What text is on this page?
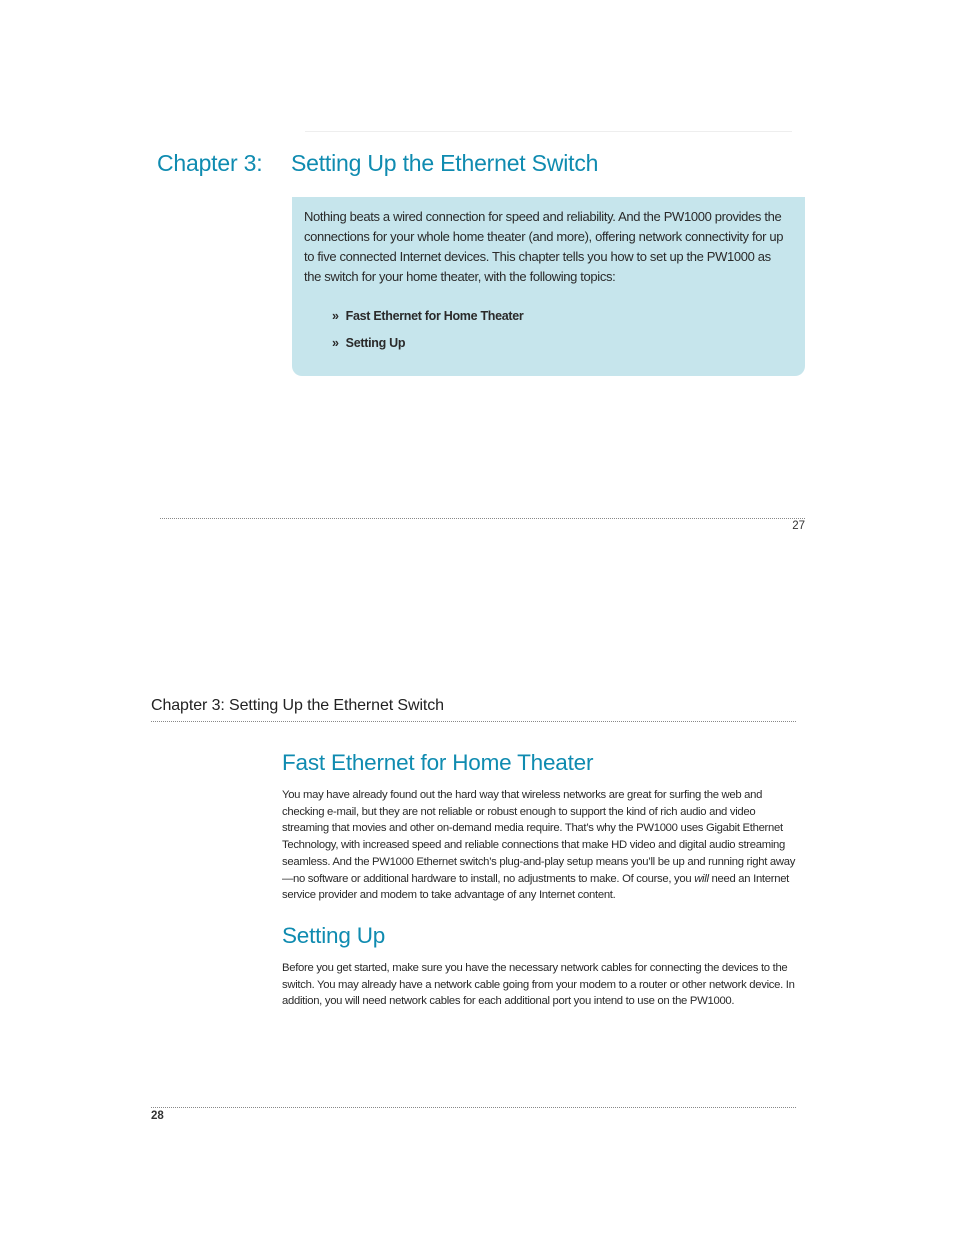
Chapter 3: Setting Up the Ethernet Switch

Nothing beats a wired connection for speed and reliability. And the PW1000 provides the connections for your whole home theater (and more), offering network connectivity for up to five connected Internet devices. This chapter tells you how to set up the PW1000 as the switch for your home theater, with the following topics:

» Fast Ethernet for Home Theater
» Setting Up
27
Chapter 3: Setting Up the Ethernet Switch
Fast Ethernet for Home Theater

You may have already found out the hard way that wireless networks are great for surfing the web and checking e-mail, but they are not reliable or robust enough to support the kind of rich audio and video streaming that movies and other on-demand media require. That’s why the PW1000 uses Gigabit Ethernet Technology, with increased speed and reliable connections that make HD video and digital audio streaming seamless. And the PW1000 Ethernet switch’s plug-and-play setup means you’ll be up and running right away—no software or additional hardware to install, no adjustments to make. Of course, you will need an Internet service provider and modem to take advantage of any Internet content.

Setting Up

Before you get started, make sure you have the necessary network cables for connecting the devices to the switch. You may already have a network cable going from your modem to a router or other network device. In addition, you will need network cables for each additional port you intend to use on the PW1000.

28
